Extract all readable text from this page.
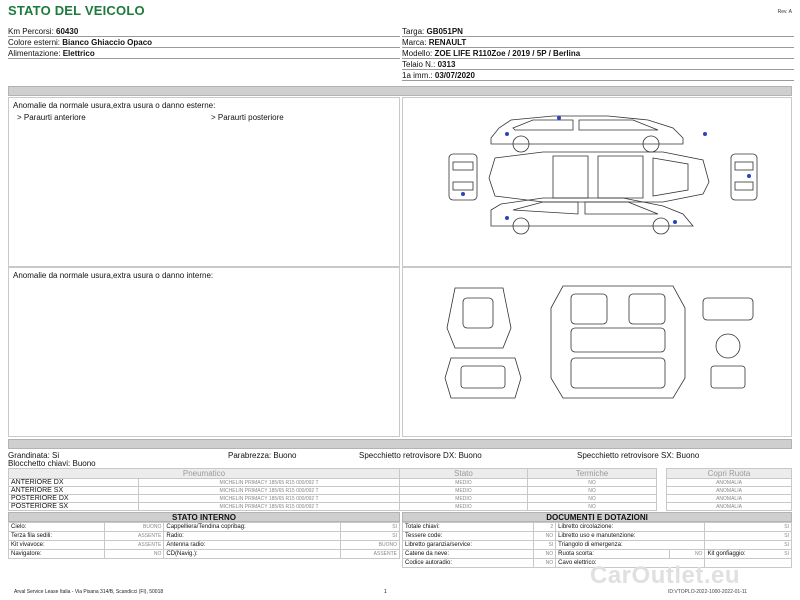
STATO DEL VEICOLO	Rev. A
Km Percorsi: 60430
Colore esterni: Bianco Ghiaccio Opaco
Alimentazione: Elettrico
Targa: GB051PN
Marca: RENAULT
Modello: ZOE LIFE R110Zoe / 2019 / 5P / Berlina
Telaio N.: 0313
1a imm.: 03/07/2020
Anomalie da normale usura,extra usura o danno esterne:
> Paraurti anteriore	> Paraurti posteriore
Anomalie da normale usura,extra usura o danno interne:
Grandinata: Si	Parabrezza: Buono	Specchietto retrovisore DX: Buono	Specchietto retrovisore SX: Buono
Blocchetto chiavi: Buono
Pneumatico		Stato	Termiche
ANTERIORE DX	MICHELIN PRIMACY 185/65 R15 000/092 T	MEDIO	NO
ANTERIORE SX	MICHELIN PRIMACY 185/65 R15 000/092 T	MEDIO	NO
POSTERIORE DX	MICHELIN PRIMACY 185/65 R15 000/092 T	MEDIO	NO
POSTERIORE SX	MICHELIN PRIMACY 185/65 R15 000/092 T	MEDIO	NO
Copri Ruota
ANOMALIA
ANOMALIA
ANOMALIA
ANOMALIA
STATO INTERNO	DOCUMENTI E DOTAZIONI
Cielo:	BUONO	Cappelliera/Tendina copribag:	SI
Terza fila sedili:	ASSENTE	Radio:	SI
Kit vivavoce:	ASSENTE	Antenna radio:	BUONO
Navigatore:	NO	CD(Navig.):	ASSENTE
Totale chiavi:	2	Libretto circolazione:		SI
Tessere code:	NO	Libretto uso e manutenzione:		SI
Libretto garanzia/service:	SI	Triangolo di emergenza:		SI
Catene da neve:	NO	Ruota scorta:	NO	Kit gonfiaggio: SI

Codice autoradio:	NO	Cavo elettrico:		
CarOutlet.eu
Arval Service Lease Italia - Via Pisana 314/B, Scandicci (FI), 50018	1	ID:VTOPLO-2022-1000-2022-01-11
